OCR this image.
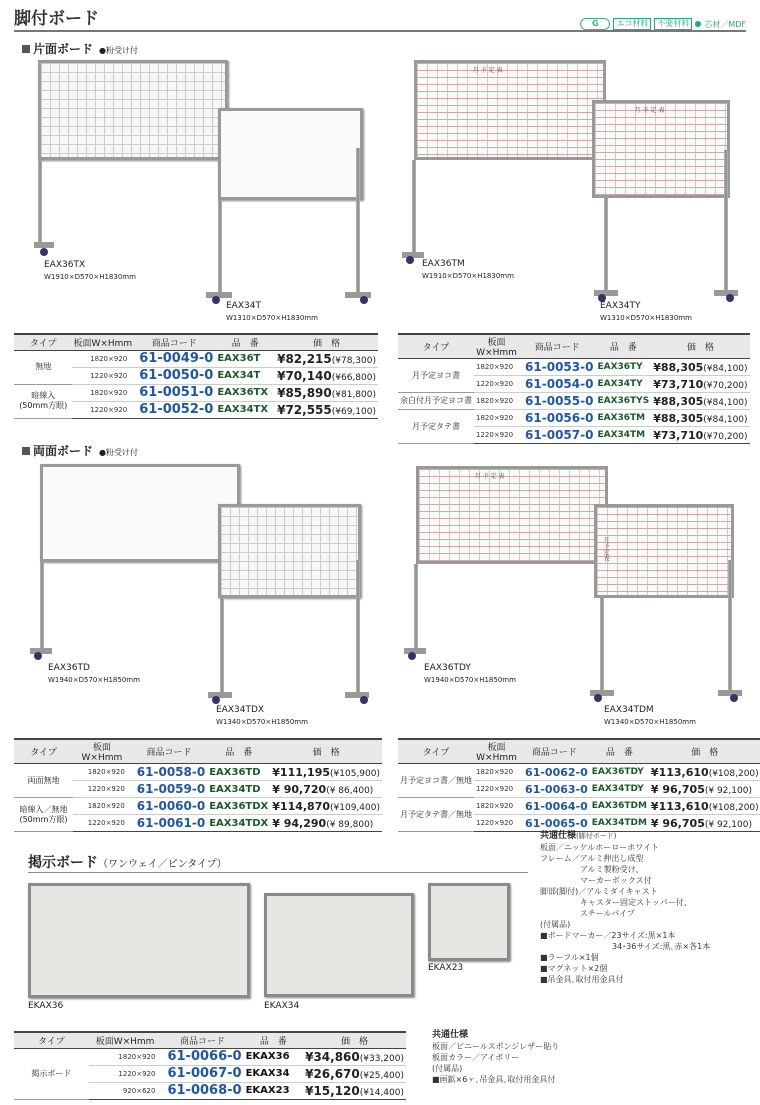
脚付ボード	G	エコ材料	不要材料	芯材／MDF
片面ボード ●粉受け付
EAX36TX
W1910×D570×H1830mm
EAX34T
W1310×D570×H1830mm
月 予 定 表
EAX36TM
W1910×D570×H1830mm
月 予 定 表
EAX34TY
W1310×D570×H1830mm
タイプ	板面W×Hmm	商品コード	品　番	価　格
無地	1820×920	61-0049-0	EAX36T	¥82,215(¥78,300)
	1220×920	61-0050-0	EAX34T	¥70,140(¥66,800)
暗線入
(50mm方眼)	1820×920	61-0051-0	EAX36TX	¥85,890(¥81,800)
	1220×920	61-0052-0	EAX34TX	¥72,555(¥69,100)
タイプ	板面W×Hmm	商品コード	品　番	価　格
月予定ヨコ書	1820×920	61-0053-0	EAX36TY	¥88,305(¥84,100)
	1220×920	61-0054-0	EAX34TY	¥73,710(¥70,200)
余白付月予定ヨコ書	1820×920	61-0055-0	EAX36TYS	¥88,305(¥84,100)
月予定タテ書	1820×920	61-0056-0	EAX36TM	¥88,305(¥84,100)
	1220×920	61-0057-0	EAX34TM	¥73,710(¥70,200)
両面ボード ●粉受け付
EAX36TD
W1940×D570×H1850mm
EAX34TDX
W1340×D570×H1850mm
月 予 定 表
EAX36TDY
W1940×D570×H1850mm
月予定表
EAX34TDM
W1340×D570×H1850mm
タイプ	板面W×Hmm	商品コード	品　番	価　格
両面無地	1820×920	61-0058-0	EAX36TD	¥111,195(¥105,900)
	1220×920	61-0059-0	EAX34TD	¥ 90,720(¥ 86,400)
暗線入／無地
(50mm方眼)	1820×920	61-0060-0	EAX36TDX	¥114,870(¥109,400)
	1220×920	61-0061-0	EAX34TDX	¥ 94,290(¥ 89,800)
タイプ	板面W×Hmm	商品コード	品　番	価　格
月予定ヨコ書／無地	1820×920	61-0062-0	EAX36TDY	¥113,610(¥108,200)
	1220×920	61-0063-0	EAX34TDY	¥ 96,705(¥ 92,100)
月予定タテ書／無地	1820×920	61-0064-0	EAX36TDM	¥113,610(¥108,200)
	1220×920	61-0065-0	EAX34TDM	¥ 96,705(¥ 92,100)
共通仕様(脚付ボード)
板面／ニッケルホーローホワイト
フレーム／アルミ押出し成型
　　　　　アルミ製粉受け、
　　　　　マーカーボックス付
脚部(脚付)／アルミダイキャスト
　　　　　キャスター固定ストッパー付、
　　　　　スチールパイプ
(付属品)
■ボードマーカー／23サイズ:黒×1本
　　　　　　　　　34･36サイズ:黒､赤×各1本
■ラーフル×1個
■マグネット×2個
■吊金具､取付用金具付
掲示ボード（ワンウェイ／ピンタイプ）
EKAX36	EKAX34
EKAX23
タイプ	板面W×Hmm	商品コード	品　番	価　格
掲示ボード	1820×920	61-0066-0	EKAX36	¥34,860(¥33,200)
	1220×920	61-0067-0	EKAX34	¥26,670(¥25,400)
	920×620	61-0068-0	EKAX23	¥15,120(¥14,400)
共通仕様
板面／ビニールスポンジレザー貼り
板面カラー／アイボリー
(付属品)
■画鋲×6ヶ､吊金具､取付用金具付
